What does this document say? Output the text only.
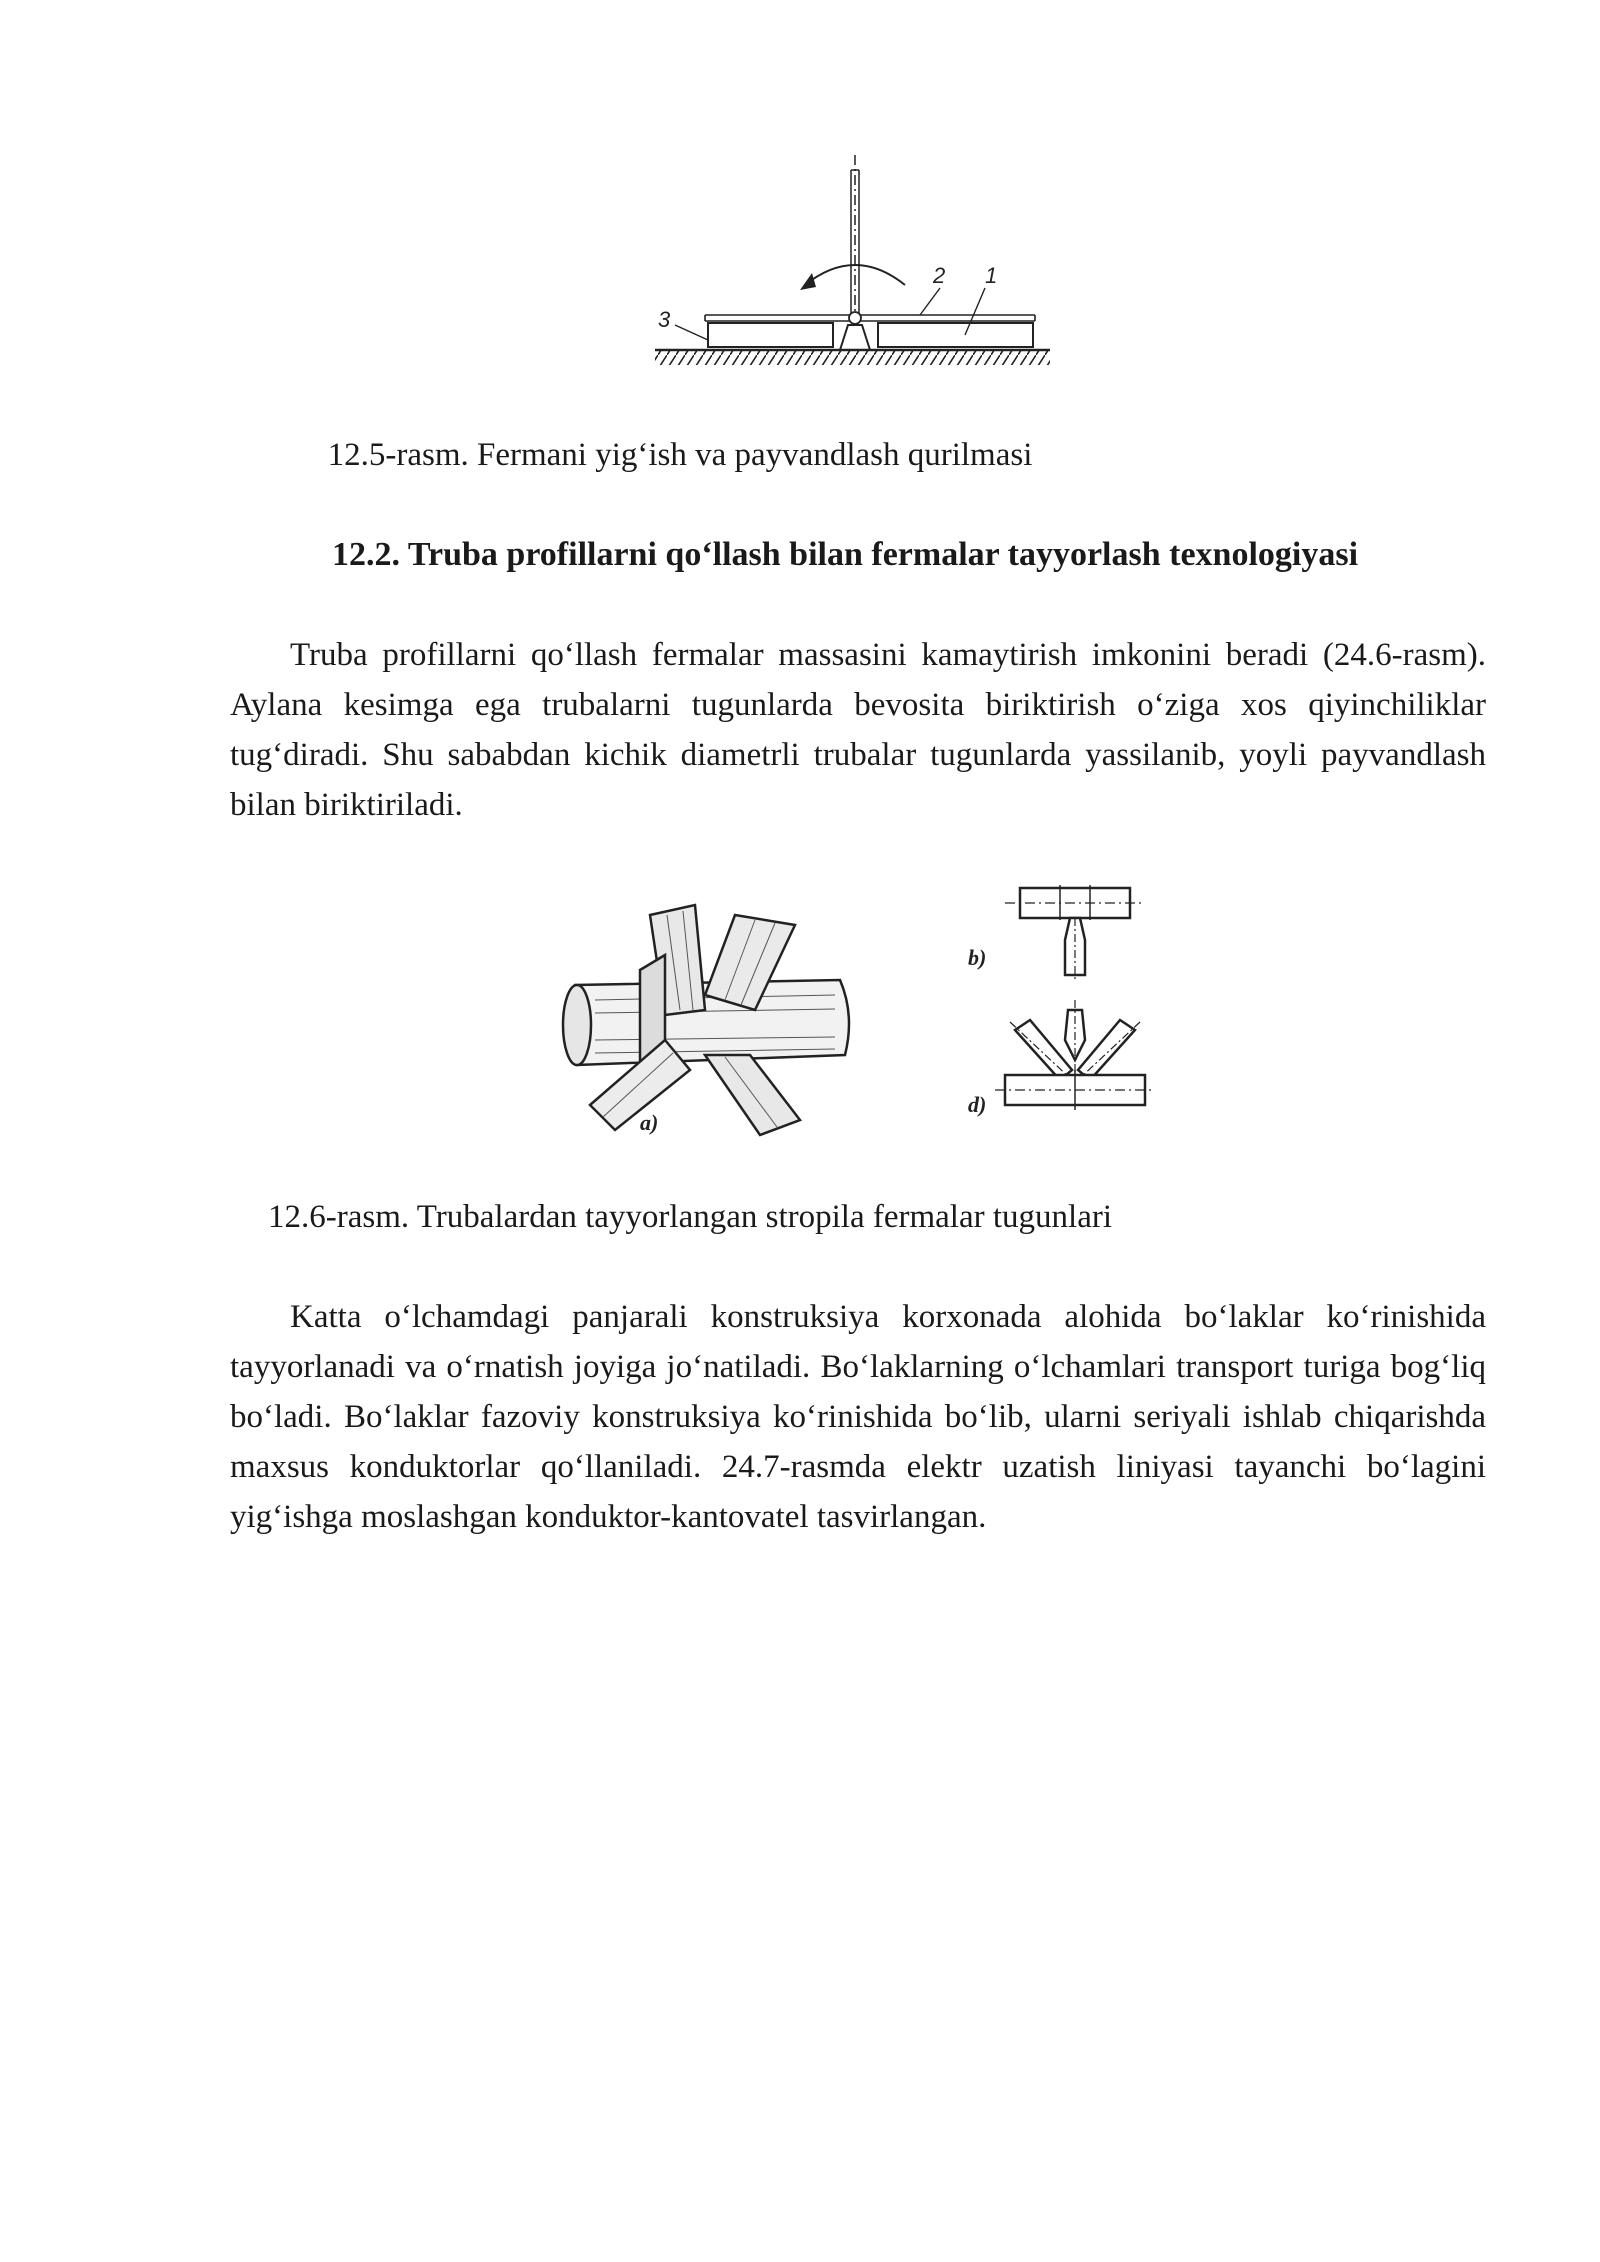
3
2 1
12.5-rasm. Fermani yig‘ish va payvandlash qurilmasi
12.2. Truba profillarni qo‘llash bilan fermalar tayyorlash texnologiyasi

Truba profillarni qo‘llash fermalar massasini kamaytirish imkonini beradi (24.6-rasm). Aylana kesimga ega trubalarni tugunlarda bevosita biriktirish o‘ziga xos qiyinchiliklar tug‘diradi. Shu sababdan kichik diametrli trubalar tugunlarda yassilanib, yoyli payvandlash bilan biriktiriladi.

a)
b)
d)
12.6-rasm. Trubalardan tayyorlangan stropila fermalar tugunlari

Katta o‘lchamdagi panjarali konstruksiya korxonada alohida bo‘laklar ko‘rinishida tayyorlanadi va o‘rnatish joyiga jo‘natiladi. Bo‘laklarning o‘lchamlari transport turiga bog‘liq bo‘ladi. Bo‘laklar fazoviy konstruksiya ko‘rinishida bo‘lib, ularni seriyali ishlab chiqarishda maxsus konduktorlar qo‘llaniladi. 24.7-rasmda elektr uzatish liniyasi tayanchi bo‘lagini yig‘ishga moslashgan konduktor-kantovatel tasvirlangan.
